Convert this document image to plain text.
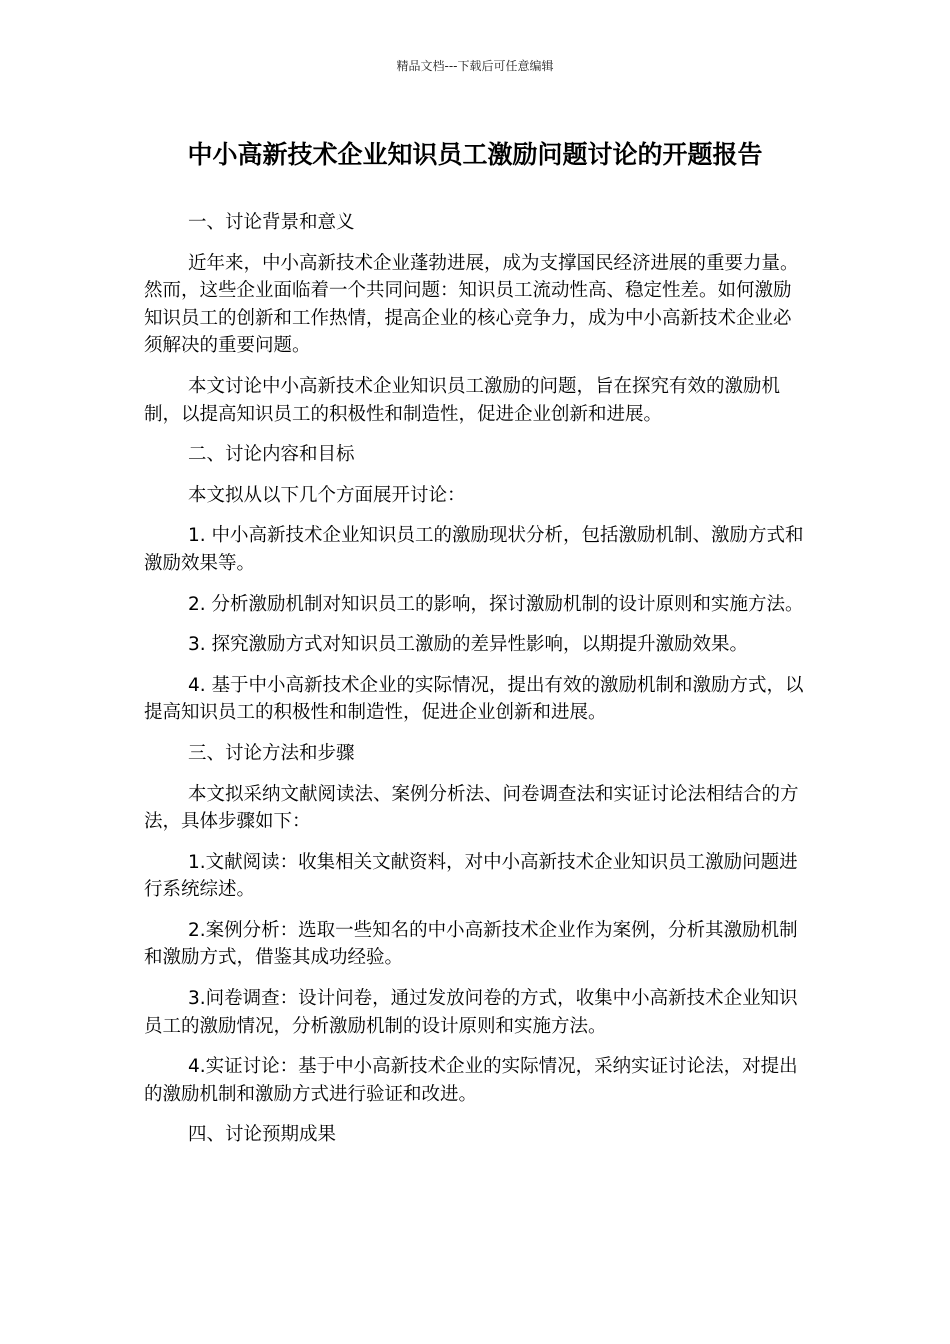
精品文档---下载后可任意编辑
中小高新技术企业知识员工激励问题讨论的开题报告

一、讨论背景和意义

近年来，中小高新技术企业蓬勃进展，成为支撑国民经济进展的重要力量。然而，这些企业面临着一个共同问题：知识员工流动性高、稳定性差。如何激励知识员工的创新和工作热情，提高企业的核心竞争力，成为中小高新技术企业必须解决的重要问题。

本文讨论中小高新技术企业知识员工激励的问题，旨在探究有效的激励机制，以提高知识员工的积极性和制造性，促进企业创新和进展。

二、讨论内容和目标

本文拟从以下几个方面展开讨论：

1. 中小高新技术企业知识员工的激励现状分析，包括激励机制、激励方式和激励效果等。

2. 分析激励机制对知识员工的影响，探讨激励机制的设计原则和实施方法。

3. 探究激励方式对知识员工激励的差异性影响，以期提升激励效果。

4. 基于中小高新技术企业的实际情况，提出有效的激励机制和激励方式，以提高知识员工的积极性和制造性，促进企业创新和进展。

三、讨论方法和步骤

本文拟采纳文献阅读法、案例分析法、问卷调查法和实证讨论法相结合的方法，具体步骤如下：

1.文献阅读：收集相关文献资料，对中小高新技术企业知识员工激励问题进行系统综述。

2.案例分析：选取一些知名的中小高新技术企业作为案例，分析其激励机制和激励方式，借鉴其成功经验。

3.问卷调查：设计问卷，通过发放问卷的方式，收集中小高新技术企业知识员工的激励情况，分析激励机制的设计原则和实施方法。

4.实证讨论：基于中小高新技术企业的实际情况，采纳实证讨论法，对提出的激励机制和激励方式进行验证和改进。

四、讨论预期成果
